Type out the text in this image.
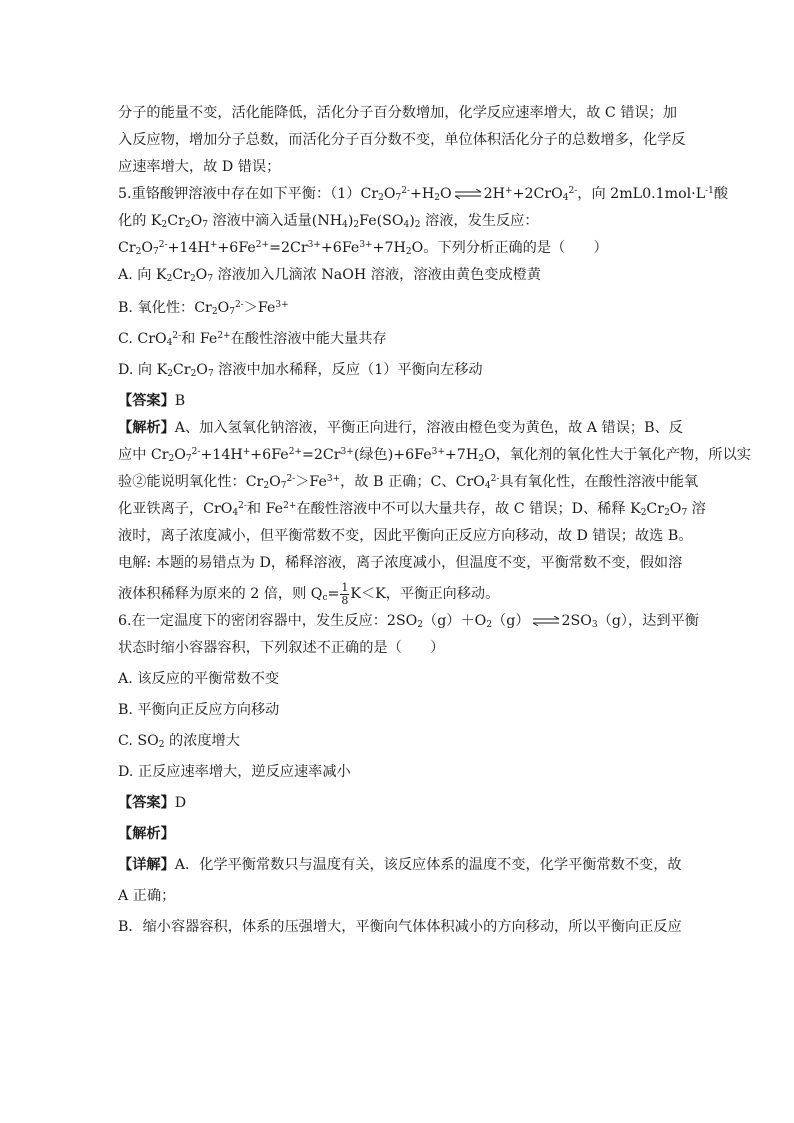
分子的能量不变，活化能降低，活化分子百分数增加，化学反应速率增大，故 C 错误；加
入反应物，增加分子总数，而活化分子百分数不变，单位体积活化分子的总数增多，化学反
应速率增大，故 D 错误；
5.重铬酸钾溶液中存在如下平衡：$(1)Cr_2O_7^{2-}+H_2O$ ⇌ 2H++2CrO$_4^{2-}$，向 $2mL0.1mol\cdot L^{-1}$酸
化的 $K_2Cr_2O_7$ 溶液中滴入适量$(NH_4)_2Fe(SO_4)_2$ 溶液，发生反应：
$Cr_2O_7^{2-}+14H^++6Fe^{2+}=2Cr^{3+}+6Fe^{3+}+7H_2O$。下列分析正确的是（　　）
A. 向 $K_2Cr_2O_7$ 溶液加入几滴浓 NaOH 溶液，溶液由黄色变成橙黄
B. 氧化性：$Cr_2O_7^{2-}>Fe^{3+}$
C. CrO$_4^{2-}$和 $Fe^{2+}$在酸性溶液中能大量共存
D. 向 $K_2Cr_2O_7$ 溶液中加水稀释，反应（1）平衡向左移动
【答案】B
【解析】A、加入氢氧化钠溶液，平衡正向进行，溶液由橙色变为黄色，故 A 错误；B、反
应中 $Cr_2O_7^{2-}+14H^++6Fe^{2+}=2Cr^{3+}$(绿色)$+6Fe^{3+}+7H_2O$，氧化剂的氧化性大于氧化产物，所以实
验②能说明氧化性：$Cr_2O_7^{2-}>Fe^{3+}$，故 B 正确；C、CrO$_4^{2-}$具有氧化性，在酸性溶液中能氧
化亚铁离子，CrO$_4^{2-}$和 $Fe^{2+}$在酸性溶液中不可以大量共存，故 C 错误；D、稀释 $K_2Cr_2O_7$ 溶
液时，离子浓度减小，但平衡常数不变，因此平衡向正反应方向移动，故 D 错误；故选 B。
电解: 本题的易错点为 D，稀释溶液，离子浓度减小，但温度不变，平衡常数不变，假如溶
液体积稀释为原来的 2 倍，则 $Q_c= \frac{1}{8} K<K$，平衡正向移动。
6.在一定温度下的密闭容器中，发生反应：$2SO_2(g)+O_2(g)$ ⇌ $2SO_3(g)$，达到平衡
状态时缩小容器容积，下列叙述不正确的是（　　）
A. 该反应的平衡常数不变
B. 平衡向正反应方向移动
C. $SO_2$ 的浓度增大
D. 正反应速率增大，逆反应速率减小
【答案】D
【解析】
【详解】A．化学平衡常数只与温度有关，该反应体系的温度不变，化学平衡常数不变，故
A 正确；
B．缩小容器容积，体系的压强增大，平衡向气体体积减小的方向移动，所以平衡向正反应
